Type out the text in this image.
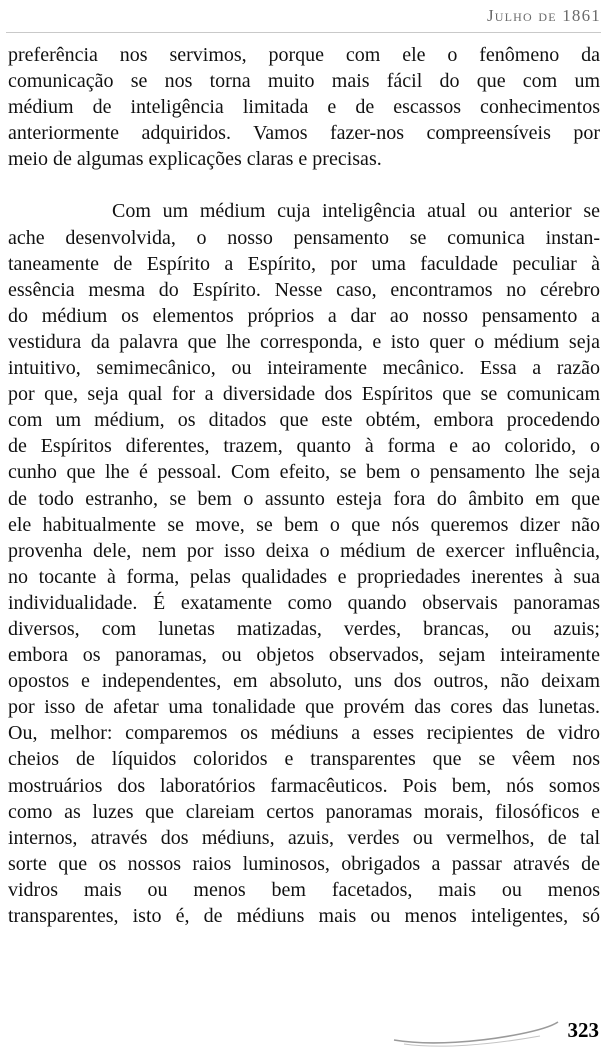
Julho de 1861
preferência nos servimos, porque com ele o fenômeno da
comunicação se nos torna muito mais fácil do que com um
médium de inteligência limitada e de escassos conhecimentos
anteriormente adquiridos. Vamos fazer-nos compreensíveis por
meio de algumas explicações claras e precisas.
Com um médium cuja inteligência atual ou anterior se
ache desenvolvida, o nosso pensamento se comunica instan-
taneamente de Espírito a Espírito, por uma faculdade peculiar à
essência mesma do Espírito. Nesse caso, encontramos no cérebro
do médium os elementos próprios a dar ao nosso pensamento a
vestidura da palavra que lhe corresponda, e isto quer o médium seja
intuitivo, semimecânico, ou inteiramente mecânico. Essa a razão
por que, seja qual for a diversidade dos Espíritos que se comunicam
com um médium, os ditados que este obtém, embora procedendo
de Espíritos diferentes, trazem, quanto à forma e ao colorido, o
cunho que lhe é pessoal. Com efeito, se bem o pensamento lhe seja
de todo estranho, se bem o assunto esteja fora do âmbito em que
ele habitualmente se move, se bem o que nós queremos dizer não
provenha dele, nem por isso deixa o médium de exercer influência,
no tocante à forma, pelas qualidades e propriedades inerentes à sua
individualidade. É exatamente como quando observais panoramas
diversos, com lunetas matizadas, verdes, brancas, ou azuis;
embora os panoramas, ou objetos observados, sejam inteiramente
opostos e independentes, em absoluto, uns dos outros, não deixam
por isso de afetar uma tonalidade que provém das cores das lunetas.
Ou, melhor: comparemos os médiuns a esses recipientes de vidro
cheios de líquidos coloridos e transparentes que se vêem nos
mostruários dos laboratórios farmacêuticos. Pois bem, nós somos
como as luzes que clareiam certos panoramas morais, filosóficos e
internos, através dos médiuns, azuis, verdes ou vermelhos, de tal
sorte que os nossos raios luminosos, obrigados a passar através de
vidros mais ou menos bem facetados, mais ou menos
transparentes, isto é, de médiuns mais ou menos inteligentes, só
323
